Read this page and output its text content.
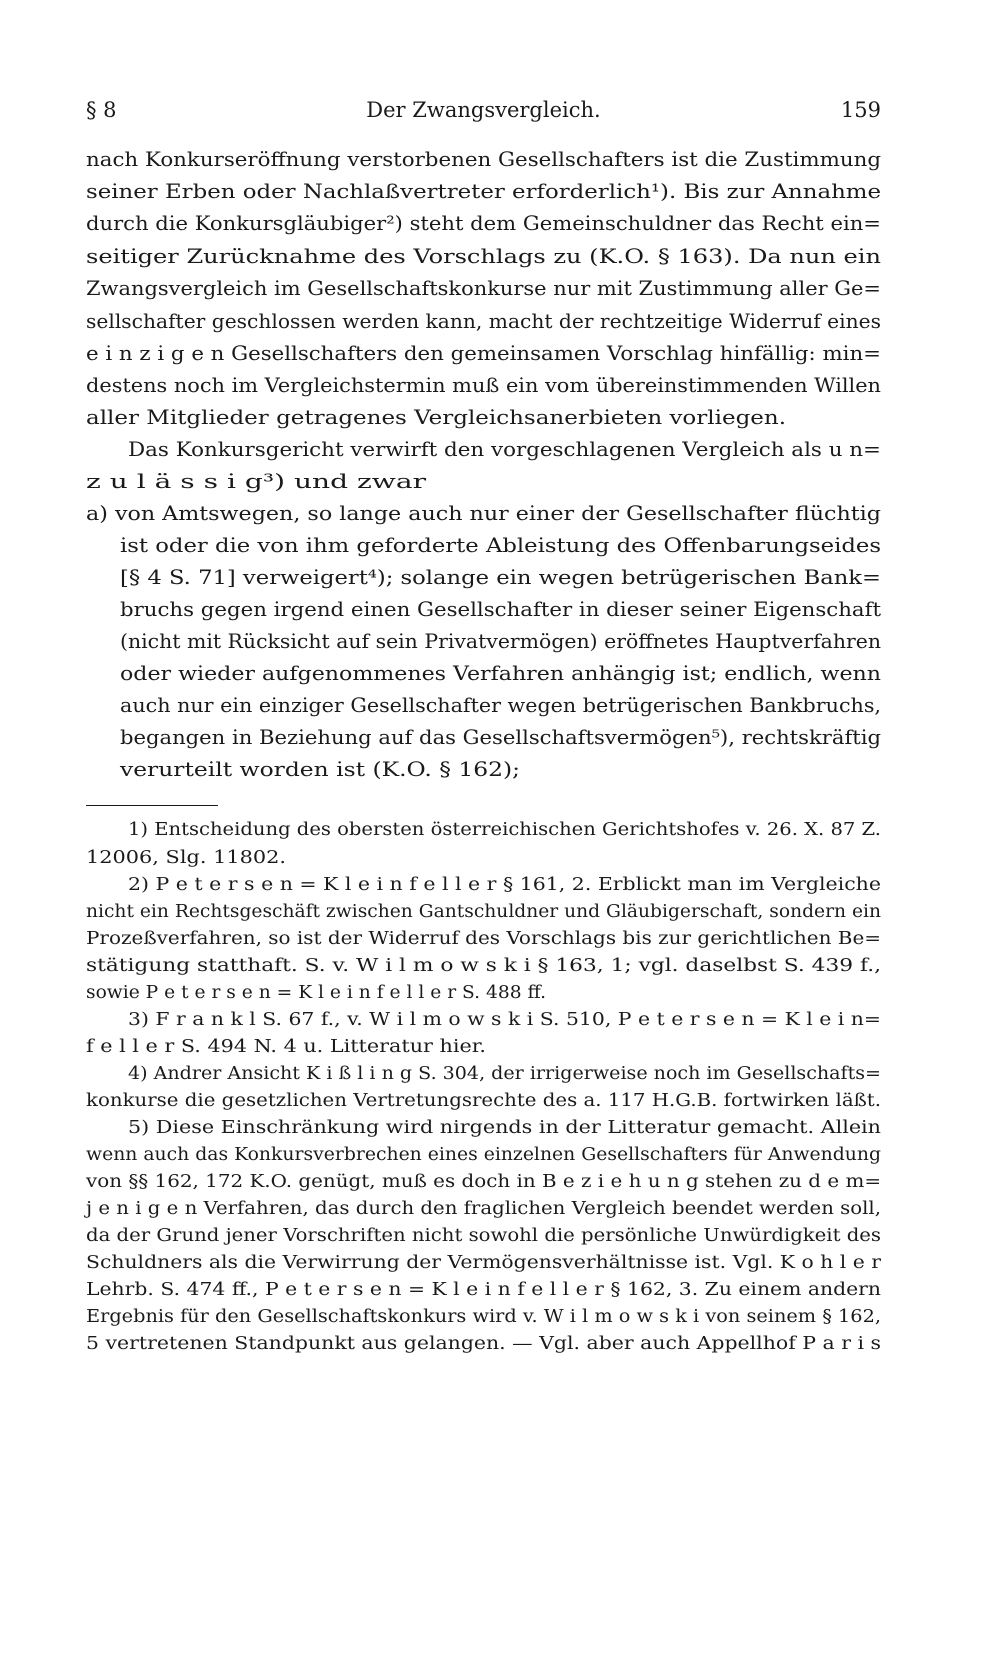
§ 8	Der Zwangsvergleich.	159
nach Konkurseröffnung verstorbenen Gesellschafters ist die Zustimmung
seiner Erben oder Nachlaßvertreter erforderlich¹). Bis zur Annahme
durch die Konkursgläubiger²) steht dem Gemeinschuldner das Recht ein=
seitiger Zurücknahme des Vorschlags zu (K.O. § 163). Da nun ein
Zwangsvergleich im Gesellschaftskonkurse nur mit Zustimmung aller Ge=
sellschafter geschlossen werden kann, macht der rechtzeitige Widerruf eines
e i n z i g e n Gesellschafters den gemeinsamen Vorschlag hinfällig: min=
destens noch im Vergleichstermin muß ein vom übereinstimmenden Willen
aller Mitglieder getragenes Vergleichsanerbieten vorliegen.
Das Konkursgericht verwirft den vorgeschlagenen Vergleich als u n=
z u l ä s s i g³) und zwar
a) von Amtswegen, so lange auch nur einer der Gesellschafter flüchtig
ist oder die von ihm geforderte Ableistung des Offenbarungseides
[§ 4 S. 71] verweigert⁴); solange ein wegen betrügerischen Bank=
bruchs gegen irgend einen Gesellschafter in dieser seiner Eigenschaft
(nicht mit Rücksicht auf sein Privatvermögen) eröffnetes Hauptverfahren
oder wieder aufgenommenes Verfahren anhängig ist; endlich, wenn
auch nur ein einziger Gesellschafter wegen betrügerischen Bankbruchs,
begangen in Beziehung auf das Gesellschaftsvermögen⁵), rechtskräftig
verurteilt worden ist (K.O. § 162);
1) Entscheidung des obersten österreichischen Gerichtshofes v. 26. X. 87 Z.
12006, Slg. 11802.
2) P e t e r s e n = K l e i n f e l l e r § 161, 2. Erblickt man im Vergleiche
nicht ein Rechtsgeschäft zwischen Gantschuldner und Gläubigerschaft, sondern ein
Prozeßverfahren, so ist der Widerruf des Vorschlags bis zur gerichtlichen Be=
stätigung statthaft. S. v. W i l m o w s k i § 163, 1; vgl. daselbst S. 439 f.,
sowie P e t e r s e n = K l e i n f e l l e r S. 488 ff.
3) F r a n k l S. 67 f., v. W i l m o w s k i S. 510, P e t e r s e n = K l e i n=
f e l l e r S. 494 N. 4 u. Litteratur hier.
4) Andrer Ansicht K i ß l i n g S. 304, der irrigerweise noch im Gesellschafts=
konkurse die gesetzlichen Vertretungsrechte des a. 117 H.G.B. fortwirken läßt.
5) Diese Einschränkung wird nirgends in der Litteratur gemacht. Allein
wenn auch das Konkursverbrechen eines einzelnen Gesellschafters für Anwendung
von §§ 162, 172 K.O. genügt, muß es doch in B e z i e h u n g stehen zu d e m=
j e n i g e n Verfahren, das durch den fraglichen Vergleich beendet werden soll,
da der Grund jener Vorschriften nicht sowohl die persönliche Unwürdigkeit des
Schuldners als die Verwirrung der Vermögensverhältnisse ist. Vgl. K o h l e r
Lehrb. S. 474 ff., P e t e r s e n = K l e i n f e l l e r § 162, 3. Zu einem andern
Ergebnis für den Gesellschaftskonkurs wird v. W i l m o w s k i von seinem § 162,
5 vertretenen Standpunkt aus gelangen. — Vgl. aber auch Appellhof P a r i s
